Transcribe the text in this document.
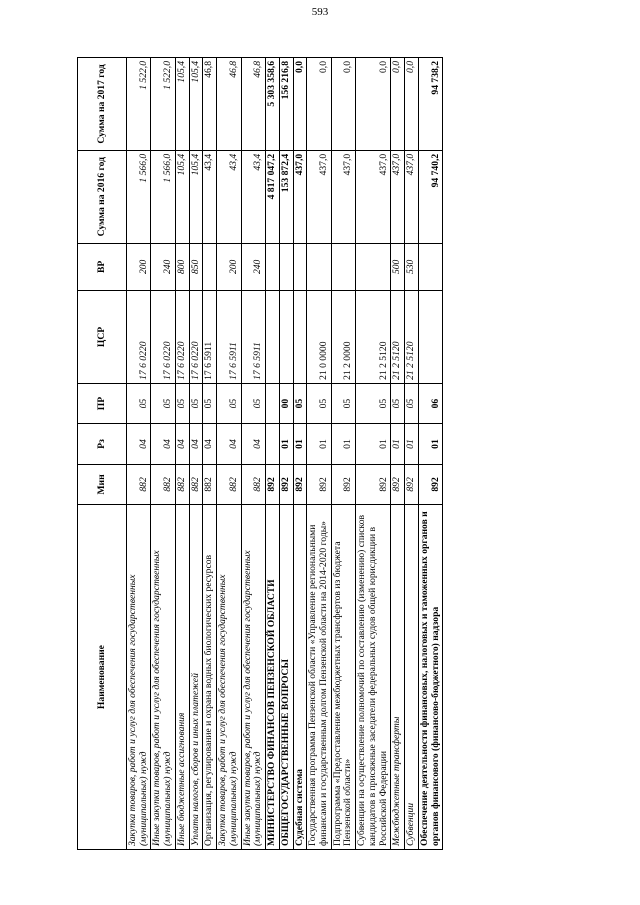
593
Наименование	Мин	Рз	ПР	ЦСР	ВР	Сумма на 2016 год	Сумма на 2017 год
Закупка товаров, работ и услуг для обеспечения государственных (муниципальных) нужд	882	04	05	17 6 0220	200	1 566,0	1 522,0
Иные закупки товаров, работ и услуг для обеспечения государственных (муниципальных) нужд	882	04	05	17 6 0220	240	1 566,0	1 522,0
Иные бюджетные ассигнования	882	04	05	17 6 0220	800	105,4	105,4
Уплата налогов, сборов и иных платежей	882	04	05	17 6 0220	850	105,4	105,4
Организация, регулирование и охрана водных биологических ресурсов	882	04	05	17 6 5911		43,4	46,8
Закупка товаров, работ и услуг для обеспечения государственных (муниципальных) нужд	882	04	05	17 6 5911	200	43,4	46,8
Иные закупки товаров, работ и услуг для обеспечения государственных (муниципальных) нужд	882	04	05	17 6 5911	240	43,4	46,8
МИНИСТЕРСТВО ФИНАНСОВ ПЕНЗЕНСКОЙ ОБЛАСТИ	892					4 817 047,2	5 303 358,6
ОБЩЕГОСУДАРСТВЕННЫЕ ВОПРОСЫ	892	01	00			153 872,4	156 216,8
Судебная система	892	01	05			437,0	0,0
Государственная программа Пензенской области «Управление региональными финансами и государственным долгом Пензенской области на 2014-2020 годы»	892	01	05	21 0 0000		437,0	0,0
Подпрограмма «Предоставление межбюджетных трансфертов из бюджета Пензенской области»	892	01	05	21 2 0000		437,0	0,0
Субвенции на осуществление полномочий по составлению (изменению) списков кандидатов в присяжные заседатели федеральных судов общей юрисдикции в Российской Федерации	892	01	05	21 2 5120		437,0	0,0
Межбюджетные трансферты	892	01	05	21 2 5120	500	437,0	0,0
Субвенции	892	01	05	21 2 5120	530	437,0	0,0
Обеспечение деятельности финансовых, налоговых и таможенных органов и органов финансового (финансово-бюджетного) надзора	892	01	06			94 740,2	94 738,2
